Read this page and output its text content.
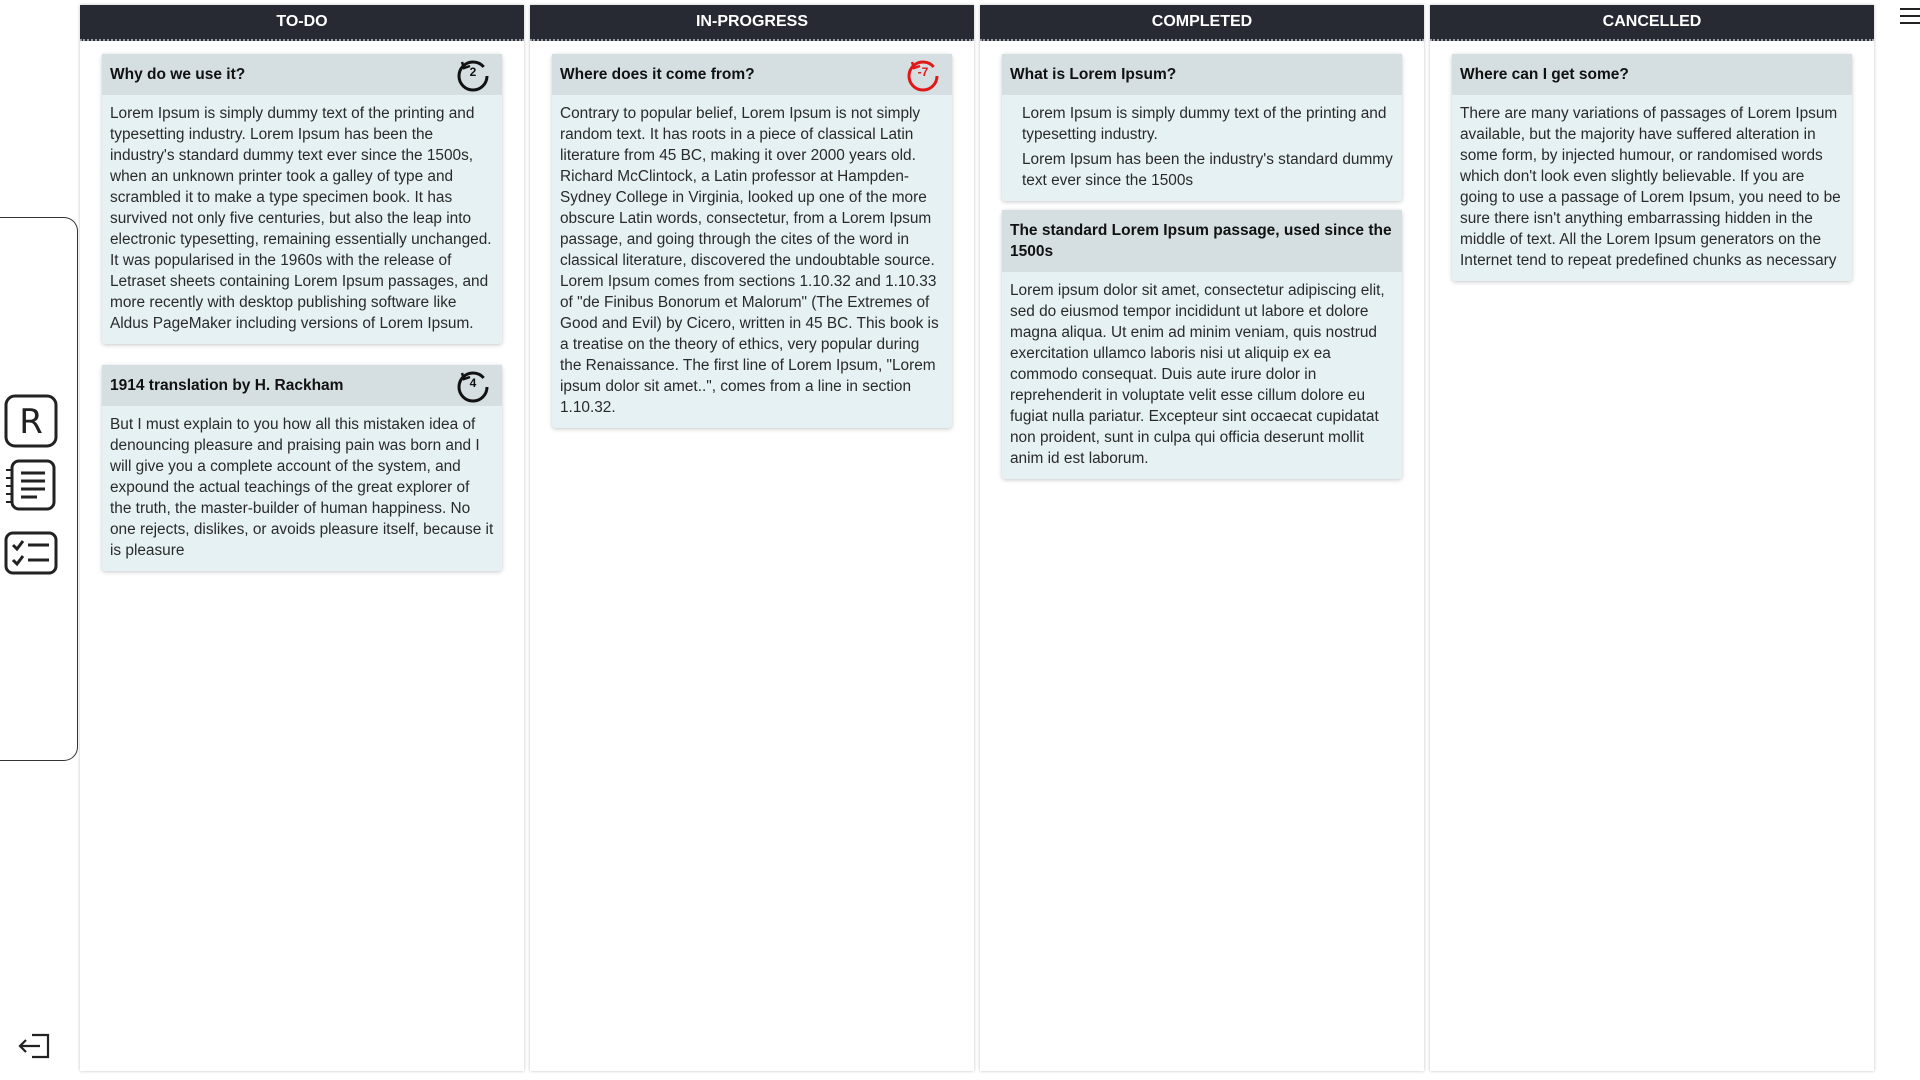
R
TO-DO
Why do we use it?	2

Lorem Ipsum is simply dummy text of the printing and typesetting industry. Lorem Ipsum has been the industry's standard dummy text ever since the 1500s, when an unknown printer took a galley of type and scrambled it to make a type specimen book. It has survived not only five centuries, but also the leap into electronic typesetting, remaining essentially unchanged. It was popularised in the 1960s with the release of Letraset sheets containing Lorem Ipsum passages, and more recently with desktop publishing software like Aldus PageMaker including versions of Lorem Ipsum.

1914 translation by H. Rackham	4

But I must explain to you how all this mistaken idea of denouncing pleasure and praising pain was born and I will give you a complete account of the system, and expound the actual teachings of the great explorer of the truth, the master-builder of human happiness. No one rejects, dislikes, or avoids pleasure itself, because it is pleasure

IN-PROGRESS
Where does it come from?	-7

Contrary to popular belief, Lorem Ipsum is not simply random text. It has roots in a piece of classical Latin literature from 45 BC, making it over 2000 years old. Richard McClintock, a Latin professor at Hampden-Sydney College in Virginia, looked up one of the more obscure Latin words, consectetur, from a Lorem Ipsum passage, and going through the cites of the word in classical literature, discovered the undoubtable source. Lorem Ipsum comes from sections 1.10.32 and 1.10.33 of "de Finibus Bonorum et Malorum" (The Extremes of Good and Evil) by Cicero, written in 45 BC. This book is a treatise on the theory of ethics, very popular during the Renaissance. The first line of Lorem Ipsum, "Lorem ipsum dolor sit amet..", comes from a line in section 1.10.32.

COMPLETED
What is Lorem Ipsum?

Lorem Ipsum is simply dummy text of the printing and typesetting industry.

Lorem Ipsum has been the industry's standard dummy text ever since the 1500s

The standard Lorem Ipsum passage, used since the 1500s

Lorem ipsum dolor sit amet, consectetur adipiscing elit, sed do eiusmod tempor incididunt ut labore et dolore magna aliqua. Ut enim ad minim veniam, quis nostrud exercitation ullamco laboris nisi ut aliquip ex ea commodo consequat. Duis aute irure dolor in reprehenderit in voluptate velit esse cillum dolore eu fugiat nulla pariatur. Excepteur sint occaecat cupidatat non proident, sunt in culpa qui officia deserunt mollit anim id est laborum.

CANCELLED
Where can I get some?

There are many variations of passages of Lorem Ipsum available, but the majority have suffered alteration in some form, by injected humour, or randomised words which don't look even slightly believable. If you are going to use a passage of Lorem Ipsum, you need to be sure there isn't anything embarrassing hidden in the middle of text. All the Lorem Ipsum generators on the Internet tend to repeat predefined chunks as necessary
